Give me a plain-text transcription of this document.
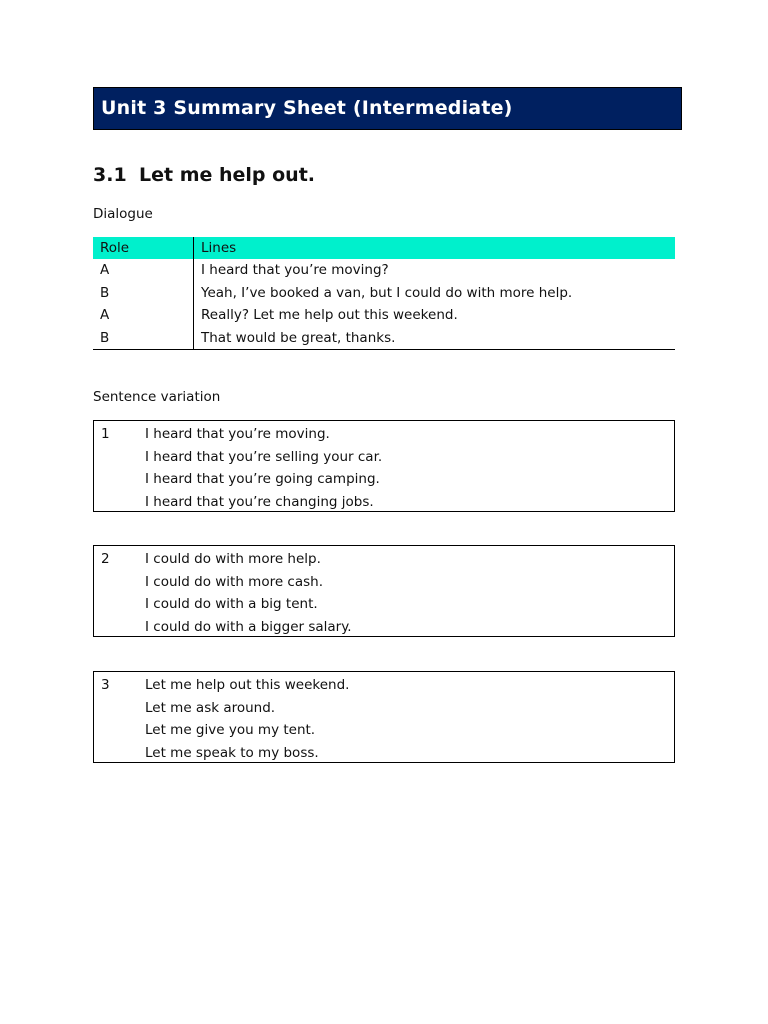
Unit 3 Summary Sheet (Intermediate)
3.1 Let me help out.
Dialogue
Role	Lines
A	I heard that you’re moving?
B	Yeah, I’ve booked a van, but I could do with more help.
A	Really? Let me help out this weekend.
B	That would be great, thanks.
Sentence variation
1	I heard that you’re moving.
I heard that you’re selling your car.
I heard that you’re going camping.
I heard that you’re changing jobs.
2	I could do with more help.
I could do with more cash.
I could do with a big tent.
I could do with a bigger salary.
3	Let me help out this weekend.
Let me ask around.
Let me give you my tent.
Let me speak to my boss.
